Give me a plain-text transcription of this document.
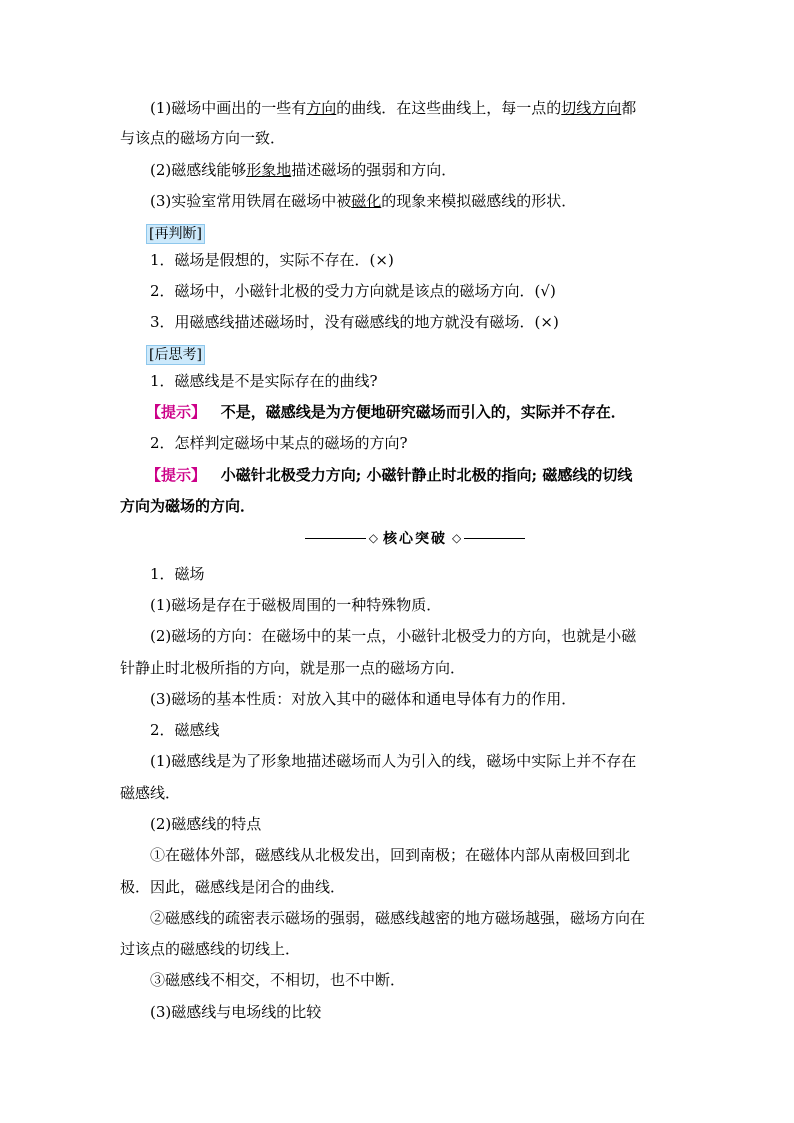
(1)磁场中画出的一些有方向的曲线．在这些曲线上，每一点的切线方向都
与该点的磁场方向一致．
(2)磁感线能够形象地描述磁场的强弱和方向．
(3)实验室常用铁屑在磁场中被磁化的现象来模拟磁感线的形状．
[再判断]
1．磁场是假想的，实际不存在．(×)
2．磁场中，小磁针北极的受力方向就是该点的磁场方向．(√)
3．用磁感线描述磁场时，没有磁感线的地方就没有磁场．(×)
[后思考]
1．磁感线是不是实际存在的曲线?
【提示】 不是，磁感线是为方便地研究磁场而引入的，实际并不存在．
2．怎样判定磁场中某点的磁场的方向?
【提示】 小磁针北极受力方向; 小磁针静止时北极的指向; 磁感线的切线
方向为磁场的方向．
◇ 核心突破 ◇
1．磁场
(1)磁场是存在于磁极周围的一种特殊物质．
(2)磁场的方向：在磁场中的某一点，小磁针北极受力的方向，也就是小磁
针静止时北极所指的方向，就是那一点的磁场方向．
(3)磁场的基本性质：对放入其中的磁体和通电导体有力的作用．
2．磁感线
(1)磁感线是为了形象地描述磁场而人为引入的线，磁场中实际上并不存在
磁感线．
(2)磁感线的特点
①在磁体外部，磁感线从北极发出，回到南极；在磁体内部从南极回到北
极．因此，磁感线是闭合的曲线．
②磁感线的疏密表示磁场的强弱，磁感线越密的地方磁场越强，磁场方向在
过该点的磁感线的切线上．
③磁感线不相交，不相切，也不中断．
(3)磁感线与电场线的比较
